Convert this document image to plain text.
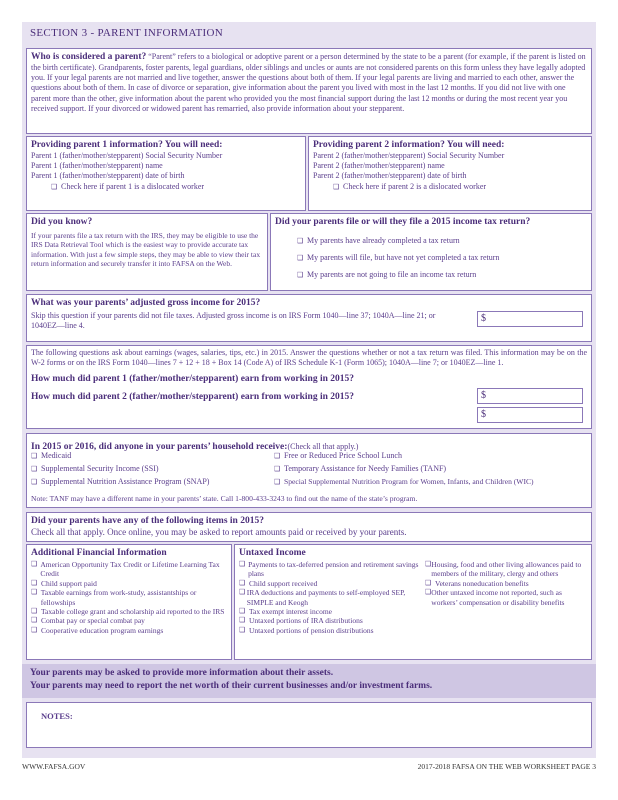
SECTION 3 - PARENT INFORMATION
Who is considered a parent? “Parent” refers to a biological or adoptive parent or a person determined by the state to be a parent (for example, if the parent is listed on the birth certificate). Grandparents, foster parents, legal guardians, older siblings and uncles or aunts are not considered parents on this form unless they have legally adopted you. If your legal parents are not married and live together, answer the questions about both of them. If your legal parents are living and married to each other, answer the questions about both of them. In case of divorce or separation, give information about the parent you lived with most in the last 12 months. If you did not live with one parent more than the other, give information about the parent who provided you the most financial support during the last 12 months or during the most recent year you received support. If your divorced or widowed parent has remarried, also provide information about your stepparent.
Providing parent 1 information? You will need:
Parent 1 (father/mother/stepparent) Social Security Number
Parent 1 (father/mother/stepparent) name
Parent 1 (father/mother/stepparent) date of birth
❑ Check here if parent 1 is a dislocated worker
Providing parent 2 information? You will need:
Parent 2 (father/mother/stepparent) Social Security Number
Parent 2 (father/mother/stepparent) name
Parent 2 (father/mother/stepparent) date of birth
❑ Check here if parent 2 is a dislocated worker
Did you know?
If your parents file a tax return with the IRS, they may be eligible to use the IRS Data Retrieval Tool which is the easiest way to provide accurate tax information. With just a few simple steps, they may be able to view their tax return information and securely transfer it into FAFSA on the Web.
Did your parents file or will they file a 2015 income tax return?
❑ My parents have already completed a tax return
❑ My parents will file, but have not yet completed a tax return
❑ My parents are not going to file an income tax return
What was your parents’ adjusted gross income for 2015?
Skip this question if your parents did not file taxes. Adjusted gross income is on IRS Form 1040—line 37; 1040A—line 21; or 1040EZ—line 4.
$
The following questions ask about earnings (wages, salaries, tips, etc.) in 2015. Answer the questions whether or not a tax return was filed. This information may be on the W-2 forms or on the IRS Form 1040—lines 7 + 12 + 18 + Box 14 (Code A) of IRS Schedule K-1 (Form 1065); 1040A—line 7; or 1040EZ—line 1.
How much did parent 1 (father/mother/stepparent) earn from working in 2015?
How much did parent 2 (father/mother/stepparent) earn from working in 2015?	$
$
In 2015 or 2016, did anyone in your parents’ household receive:(Check all that apply.)
❑ Medicaid
❑ Supplemental Security Income (SSI)
❑ Supplemental Nutrition Assistance Program (SNAP)
❑ Free or Reduced Price School Lunch
❑ Temporary Assistance for Needy Families (TANF)
❑ Special Supplemental Nutrition Program for Women, Infants, and Children (WIC)
Note: TANF may have a different name in your parents’ state. Call 1-800-433-3243 to find out the name of the state’s program.
Did your parents have any of the following items in 2015?
Check all that apply. Once online, you may be asked to report amounts paid or received by your parents.
Additional Financial Information
❑ American Opportunity Tax Credit or Lifetime Learning Tax Credit
❑ Child support paid
❑ Taxable earnings from work-study, assistantships or fellowships
❑ Taxable college grant and scholarship aid reported to the IRS
❑ Combat pay or special combat pay
❑ Cooperative education program earnings
Untaxed Income
❑ Payments to tax-deferred pension and retirement savings plans
❑ Child support received
❑ IRA deductions and payments to self-employed SEP, SIMPLE and Keogh
❑ Tax exempt interest income
❑ Untaxed portions of IRA distributions
❑ Untaxed portions of pension distributions
❑ Housing, food and other living allowances paid to members of the military, clergy and others
❑ Veterans noneducation benefits
❑ Other untaxed income not reported, such as workers’ compensation or disability benefits
Your parents may be asked to provide more information about their assets.
Your parents may need to report the net worth of their current businesses and/or investment farms.
NOTES:
WWW.FAFSA.GOV	2017-2018 FAFSA ON THE WEB WORKSHEET PAGE 3
